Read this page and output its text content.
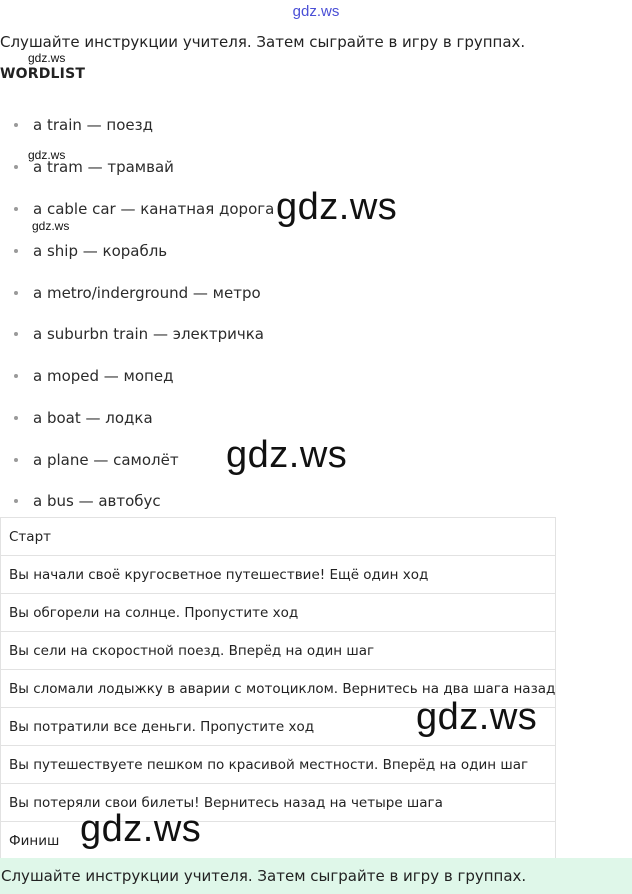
gdz.ws
Слушайте инструкции учителя. Затем сыграйте в игру в группах.
gdz.ws
WORDLIST
a train — поезд
a tram — трамвай
a cable car — канатная дорога
a ship — корабль
a metro/inderground — метро
a suburbn train — электричка
a moped — мопед
a boat — лодка
a plane — самолёт
a bus — автобус
gdz.ws
gdz.ws	gdz.ws
gdz.ws
Старт
Вы начали своё кругосветное путешествие! Ещё один ход
Вы обгорели на солнце. Пропустите ход
Вы сели на скоростной поезд. Вперёд на один шаг
Вы сломали лодыжку в аварии с мотоциклом. Вернитесь на два шага назад
Вы потратили все деньги. Пропустите ход
Вы путешествуете пешком по красивой местности. Вперёд на один шаг
Вы потеряли свои билеты! Вернитесь назад на четыре шага
Финиш
gdz.ws
gdz.ws
Слушайте инструкции учителя. Затем сыграйте в игру в группах.
